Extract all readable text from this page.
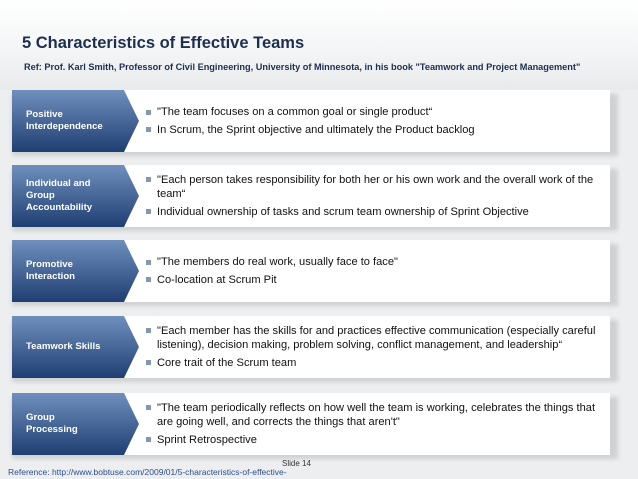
5 Characteristics of Effective Teams
Ref: Prof. Karl Smith, Professor of Civil Engineering, University of Minnesota, in his book "Teamwork and Project Management"
Positive
Interdependence
"The team focuses on a common goal or single product“
In Scrum, the Sprint objective and ultimately the Product backlog
Individual and
Group
Accountability
"Each person takes responsibility for both her or his own work and the overall work of the team“
Individual ownership of tasks and scrum team ownership of Sprint Objective
Promotive
Interaction
"The members do real work, usually face to face"
Co-location at Scrum Pit
Teamwork Skills
"Each member has the skills for and practices effective communication (especially careful listening), decision making, problem solving, conflict management, and leadership“
Core trait of the Scrum team
Group
Processing
"The team periodically reflects on how well the team is working, celebrates the things that are going well, and corrects the things that aren't"
Sprint Retrospective
Slide 14
Reference: http://www.bobtuse.com/2009/01/5-characteristics-of-effective-
